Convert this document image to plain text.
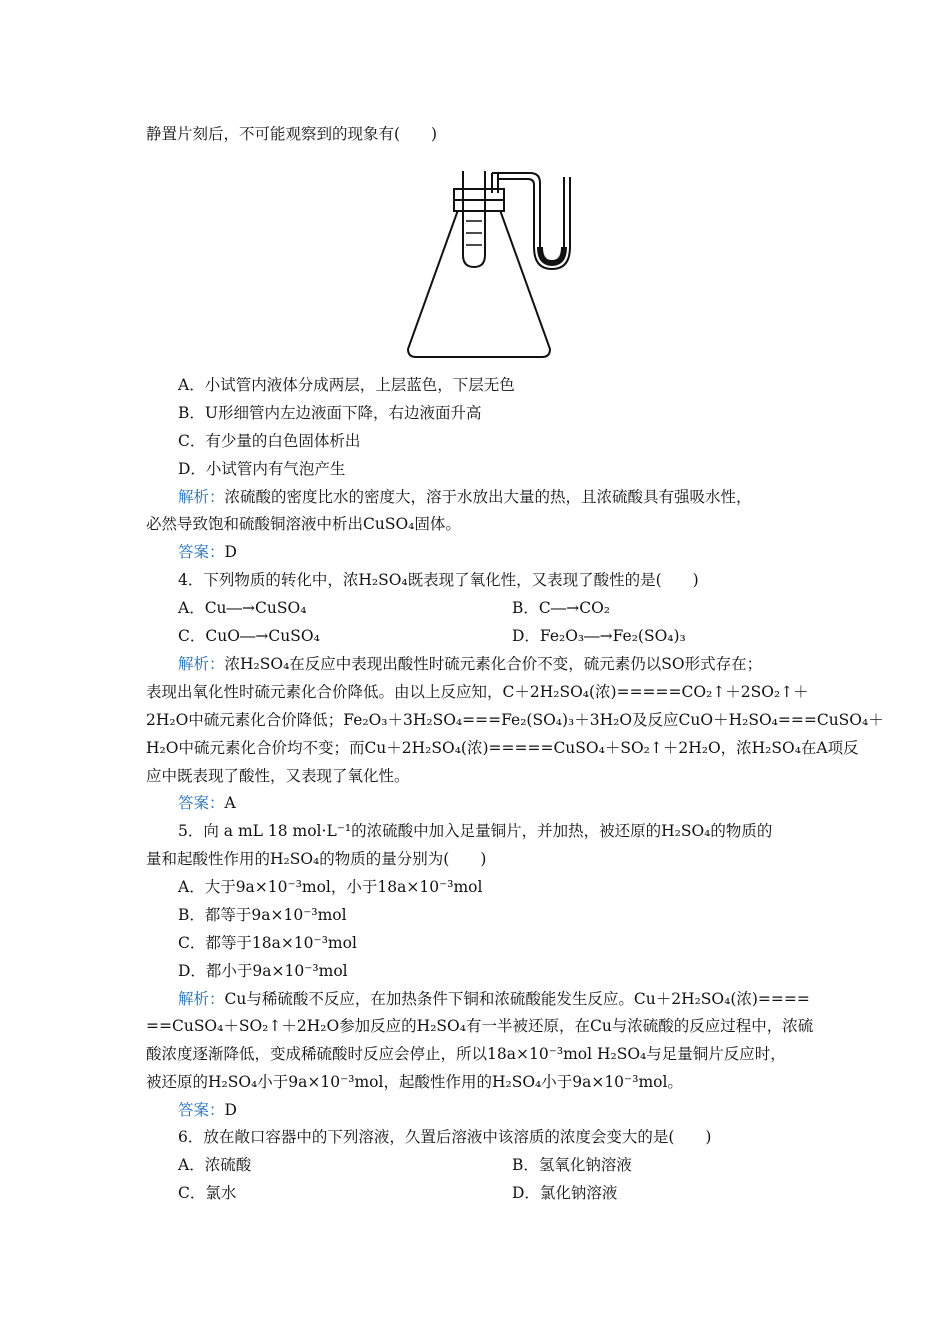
静置片刻后，不可能观察到的现象有(　　)
A．小试管内液体分成两层，上层蓝色，下层无色
B．U形细管内左边液面下降，右边液面升高
C．有少量的白色固体析出
D．小试管内有气泡产生
解析：浓硫酸的密度比水的密度大，溶于水放出大量的热，且浓硫酸具有强吸水性，
必然导致饱和硫酸铜溶液中析出CuSO₄固体。
答案：D
4．下列物质的转化中，浓H₂SO₄既表现了氧化性，又表现了酸性的是(　　)
A．Cu―→CuSO₄	B．C―→CO₂
C．CuO―→CuSO₄	D．Fe₂O₃―→Fe₂(SO₄)₃
解析：浓H₂SO₄在反应中表现出酸性时硫元素化合价不变，硫元素仍以SO形式存在；
表现出氧化性时硫元素化合价降低。由以上反应知，C＋2H₂SO₄(浓)=====CO₂↑＋2SO₂↑＋
2H₂O中硫元素化合价降低；Fe₂O₃＋3H₂SO₄===Fe₂(SO₄)₃＋3H₂O及反应CuO＋H₂SO₄===CuSO₄＋
H₂O中硫元素化合价均不变；而Cu＋2H₂SO₄(浓)=====CuSO₄＋SO₂↑＋2H₂O，浓H₂SO₄在A项反
应中既表现了酸性，又表现了氧化性。
答案：A
5．向 a mL 18 mol·L⁻¹的浓硫酸中加入足量铜片，并加热，被还原的H₂SO₄的物质的
量和起酸性作用的H₂SO₄的物质的量分别为(　　)
A．大于9a×10⁻³mol，小于18a×10⁻³mol
B．都等于9a×10⁻³mol
C．都等于18a×10⁻³mol
D．都小于9a×10⁻³mol
解析：Cu与稀硫酸不反应，在加热条件下铜和浓硫酸能发生反应。Cu＋2H₂SO₄(浓)====
==CuSO₄＋SO₂↑＋2H₂O参加反应的H₂SO₄有一半被还原，在Cu与浓硫酸的反应过程中，浓硫
酸浓度逐渐降低，变成稀硫酸时反应会停止，所以18a×10⁻³mol H₂SO₄与足量铜片反应时，
被还原的H₂SO₄小于9a×10⁻³mol，起酸性作用的H₂SO₄小于9a×10⁻³mol。
答案：D
6．放在敞口容器中的下列溶液，久置后溶液中该溶质的浓度会变大的是(　　)
A．浓硫酸	B．氢氧化钠溶液
C．氯水	D．氯化钠溶液
